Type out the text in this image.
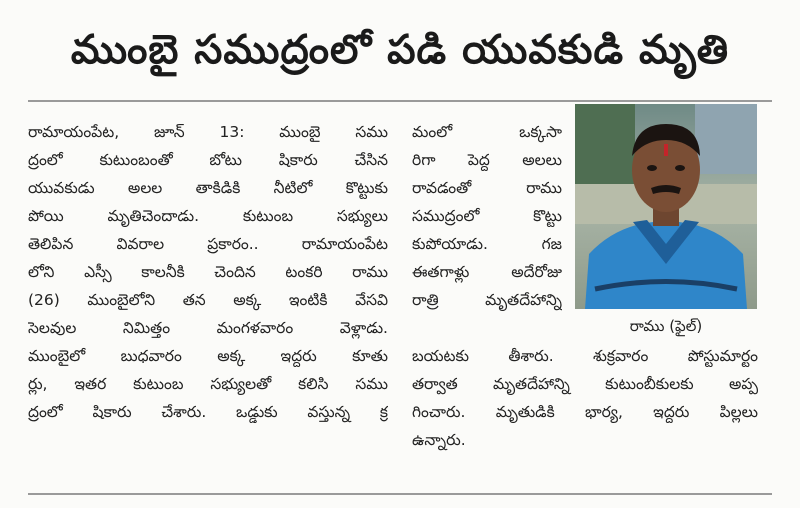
ముంబై సముద్రంలో పడి యువకుడి మృతి
రామాయంపేట, జూన్ 13: ముంబై సము
ద్రంలో కుటుంబంతో బోటు షికారు చేసిన
యువకుడు అలల తాకిడికి నీటిలో కొట్టుకు
పోయి మృతిచెందాడు. కుటుంబ సభ్యులు
తెలిపిన వివరాల ప్రకారం.. రామాయంపేట
లోని ఎస్సీ కాలనీకి చెందిన టంకరి రాము
(26) ముంబైలోని తన అక్క ఇంటికి వేసవి
సెలవుల నిమిత్తం మంగళవారం వెళ్లాడు.
ముంబైలో బుధవారం అక్క ఇద్దరు కూతు
ర్లు, ఇతర కుటుంబ సభ్యులతో కలిసి సము
ద్రంలో షికారు చేశారు. ఒడ్డుకు వస్తున్న క్ర
మంలో ఒక్కసా
రిగా పెద్ద అలలు
రావడంతో రాము
సముద్రంలో కొట్టు
కుపోయాడు. గజ
ఈతగాళ్లు అదేరోజు
రాత్రి మృతదేహాన్ని
బయటకు తీశారు. శుక్రవారం పోస్టుమార్టం
తర్వాత మృతదేహాన్ని కుటుంబీకులకు అప్ప
గించారు. మృతుడికి భార్య, ఇద్దరు పిల్లలు
ఉన్నారు.
రాము (ఫైల్)
